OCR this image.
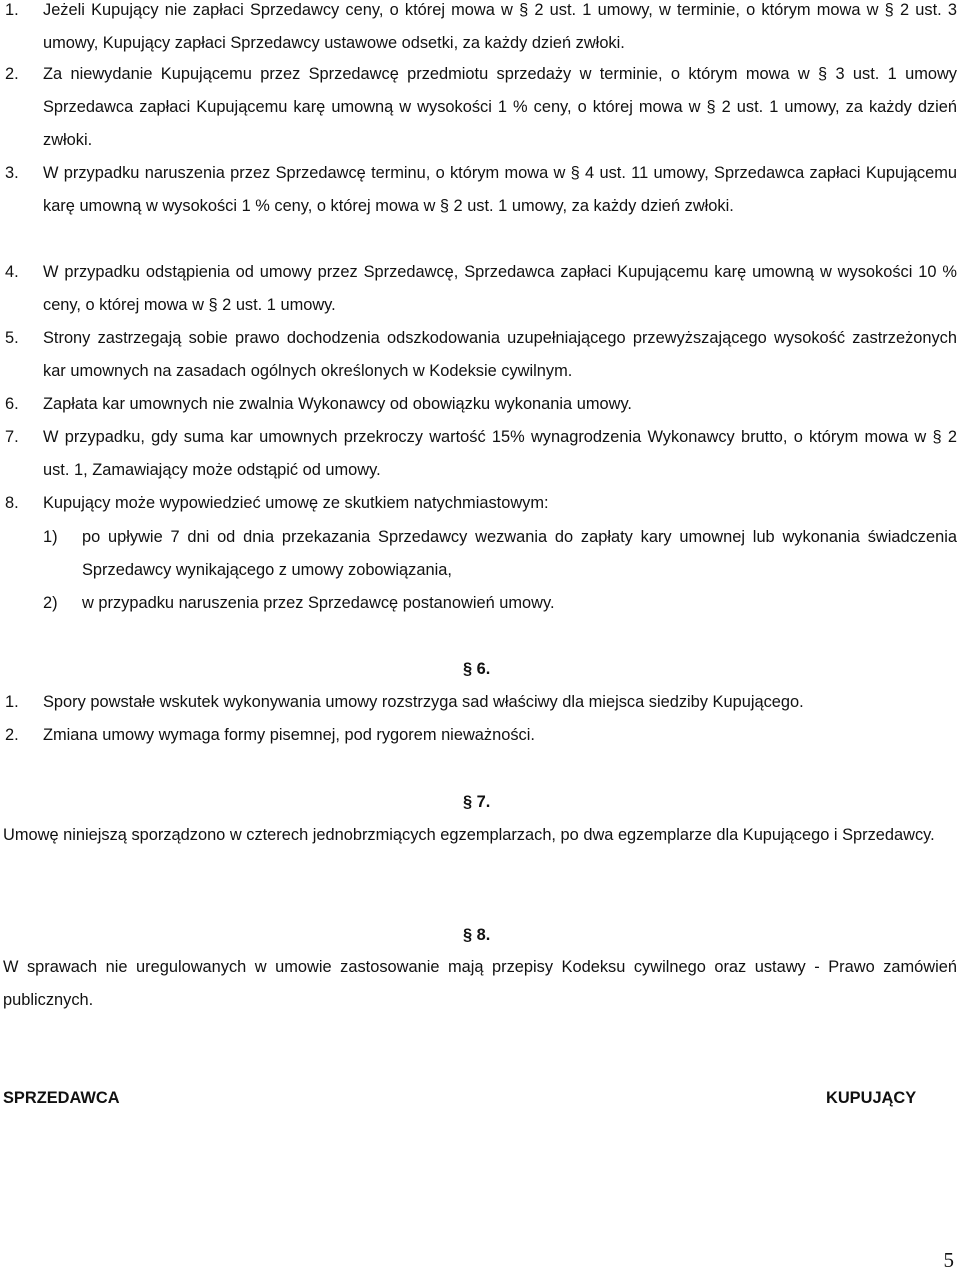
1. Jeżeli Kupujący nie zapłaci Sprzedawcy ceny, o której mowa w § 2 ust. 1 umowy, w terminie, o którym mowa w § 2 ust. 3 umowy, Kupujący zapłaci Sprzedawcy ustawowe odsetki, za każdy dzień zwłoki.
2. Za niewydanie Kupującemu przez Sprzedawcę przedmiotu sprzedaży w terminie, o którym mowa w § 3 ust. 1 umowy Sprzedawca zapłaci Kupującemu karę umowną w wysokości 1 % ceny, o której mowa w § 2 ust. 1 umowy, za każdy dzień zwłoki.
3. W przypadku naruszenia przez Sprzedawcę terminu, o którym mowa w § 4 ust. 11 umowy, Sprzedawca zapłaci Kupującemu karę umowną w wysokości 1 % ceny, o której mowa w § 2 ust. 1 umowy, za każdy dzień zwłoki.
4. W przypadku odstąpienia od umowy przez Sprzedawcę, Sprzedawca zapłaci Kupującemu karę umowną w wysokości 10 % ceny, o której mowa w § 2 ust. 1 umowy.
5. Strony zastrzegają sobie prawo dochodzenia odszkodowania uzupełniającego przewyższającego wysokość zastrzeżonych kar umownych na zasadach ogólnych określonych w Kodeksie cywilnym.
6. Zapłata kar umownych nie zwalnia Wykonawcy od obowiązku wykonania umowy.
7. W przypadku, gdy suma kar umownych przekroczy wartość 15% wynagrodzenia Wykonawcy brutto, o którym mowa w § 2 ust. 1, Zamawiający może odstąpić od umowy.
8. Kupujący może wypowiedzieć umowę ze skutkiem natychmiastowym:
1) po upływie 7 dni od dnia przekazania Sprzedawcy wezwania do zapłaty kary umownej lub wykonania świadczenia Sprzedawcy wynikającego z umowy zobowiązania,
2) w przypadku naruszenia przez Sprzedawcę postanowień umowy.
§ 6.
1. Spory powstałe wskutek wykonywania umowy rozstrzyga sad właściwy dla miejsca siedziby Kupującego.
2. Zmiana umowy wymaga formy pisemnej, pod rygorem nieważności.
§ 7.
Umowę niniejszą sporządzono w czterech jednobrzmiących egzemplarzach, po dwa egzemplarze dla Kupującego i Sprzedawcy.
§ 8.
W sprawach nie uregulowanych w umowie zastosowanie mają przepisy Kodeksu cywilnego oraz ustawy - Prawo zamówień publicznych.
SPRZEDAWCA	KUPUJĄCY
5
